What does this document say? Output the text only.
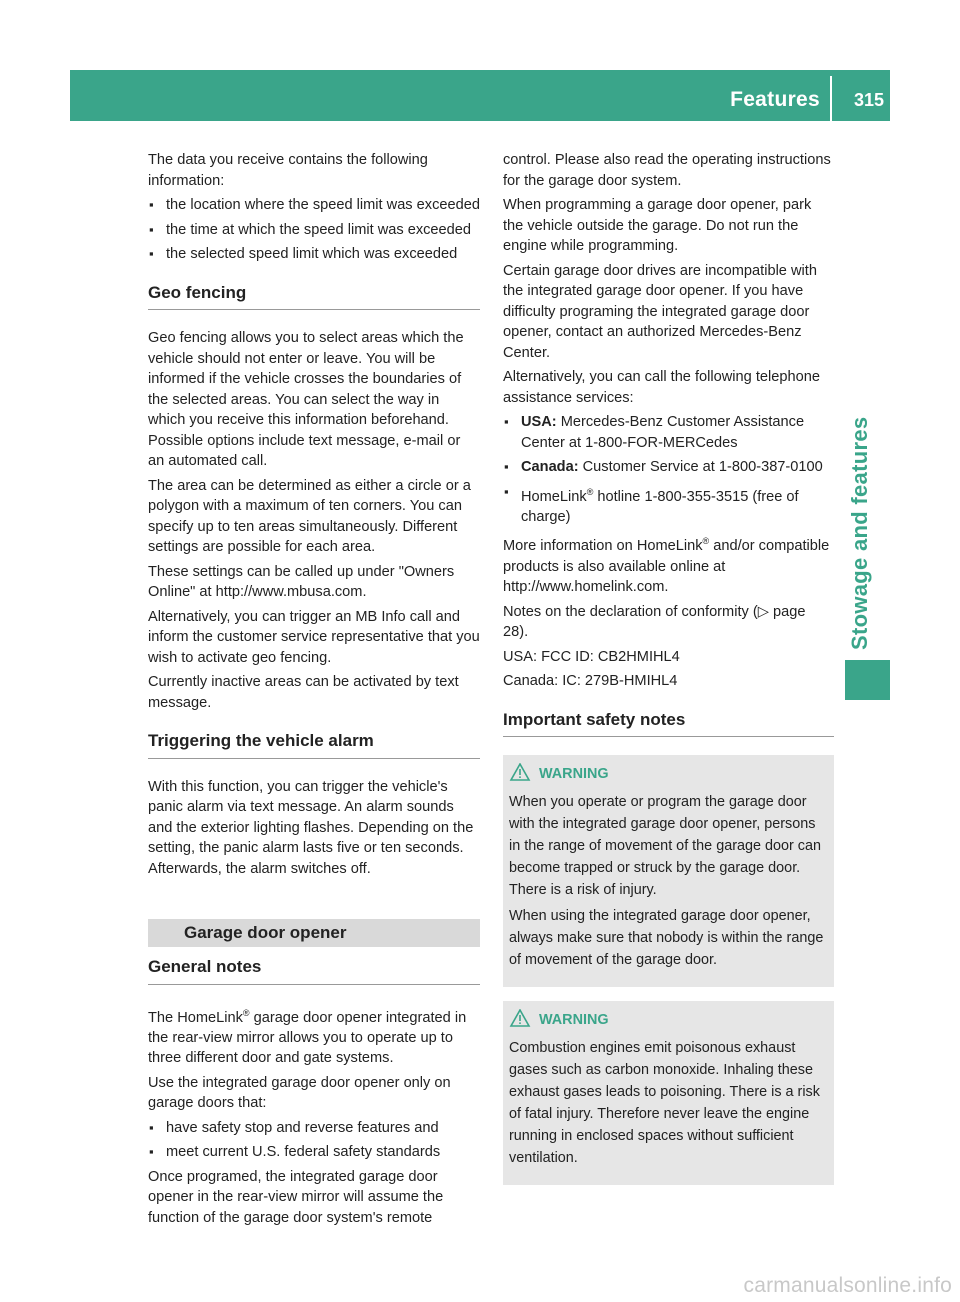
Features 315
Stowage and features

The data you receive contains the following information:

▪ the location where the speed limit was exceeded
▪ the time at which the speed limit was exceeded
▪ the selected speed limit which was exceeded
Geo fencing

Geo fencing allows you to select areas which the vehicle should not enter or leave. You will be informed if the vehicle crosses the boundaries of the selected areas. You can select the way in which you receive this information beforehand. Possible options include text message, e-mail or an automated call.

The area can be determined as either a circle or a polygon with a maximum of ten corners. You can specify up to ten areas simultaneously. Different settings are possible for each area.

These settings can be called up under "Owners Online" at http://www.mbusa.com.

Alternatively, you can trigger an MB Info call and inform the customer service representative that you wish to activate geo fencing.

Currently inactive areas can be activated by text message.

Triggering the vehicle alarm

With this function, you can trigger the vehicle's panic alarm via text message. An alarm sounds and the exterior lighting flashes. Depending on the setting, the panic alarm lasts five or ten seconds. Afterwards, the alarm switches off.

Garage door opener
General notes

The HomeLink® garage door opener integrated in the rear-view mirror allows you to operate up to three different door and gate systems.

Use the integrated garage door opener only on garage doors that:

▪ have safety stop and reverse features and
▪ meet current U.S. federal safety standards

Once programed, the integrated garage door opener in the rear-view mirror will assume the function of the garage door system's remote

control. Please also read the operating instructions for the garage door system.

When programming a garage door opener, park the vehicle outside the garage. Do not run the engine while programming.

Certain garage door drives are incompatible with the integrated garage door opener. If you have difficulty programing the integrated garage door opener, contact an authorized Mercedes-Benz Center.

Alternatively, you can call the following telephone assistance services:

▪ USA: Mercedes-Benz Customer Assistance Center at 1-800-FOR-MERCedes
▪ Canada: Customer Service at 1-800-387-0100
▪ HomeLink® hotline 1-800-355-3515 (free of charge)

More information on HomeLink® and/or compatible products is also available online at http://www.homelink.com.

Notes on the declaration of conformity (▷ page 28).

USA: FCC ID: CB2HMIHL4

Canada: IC: 279B-HMIHL4

Important safety notes
WARNING

When you operate or program the garage door with the integrated garage door opener, persons in the range of movement of the garage door can become trapped or struck by the garage door. There is a risk of injury.

When using the integrated garage door opener, always make sure that nobody is within the range of movement of the garage door.

WARNING

Combustion engines emit poisonous exhaust gases such as carbon monoxide. Inhaling these exhaust gases leads to poisoning. There is a risk of fatal injury. Therefore never leave the engine running in enclosed spaces without sufficient ventilation.

carmanualsonline.info
